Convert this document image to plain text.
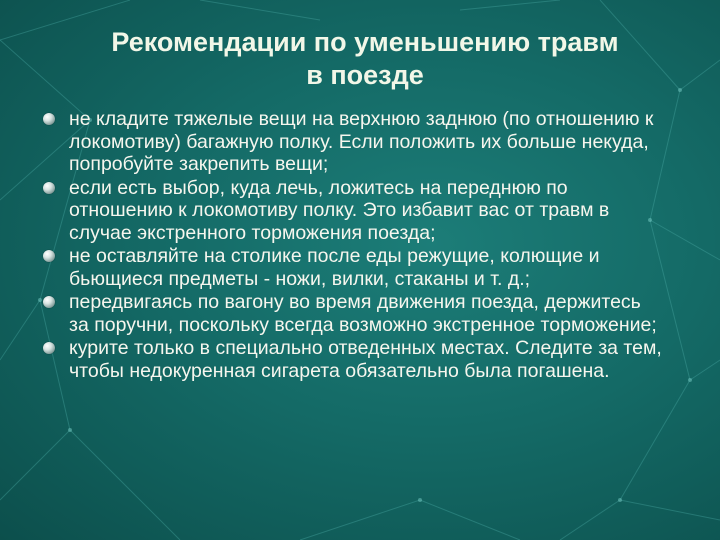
Рекомендации по уменьшению травм
в поезде
не кладите тяжелые вещи на верхнюю заднюю (по отношению к локомотиву) багажную полку. Если положить их больше некуда, попробуйте закрепить вещи;
если есть выбор, куда лечь, ложитесь на переднюю по отношению к локомотиву полку. Это избавит вас от травм в случае экстренного торможения поезда;
не оставляйте на столике после еды режущие, колющие и бьющиеся предметы - ножи, вилки, стаканы и т. д.;
передвигаясь по вагону во время движения поезда, держитесь за поручни, поскольку всегда возможно экстренное торможение;
курите только в специально отведенных местах. Следите за тем, чтобы недокуренная сигарета обязательно была погашена.
